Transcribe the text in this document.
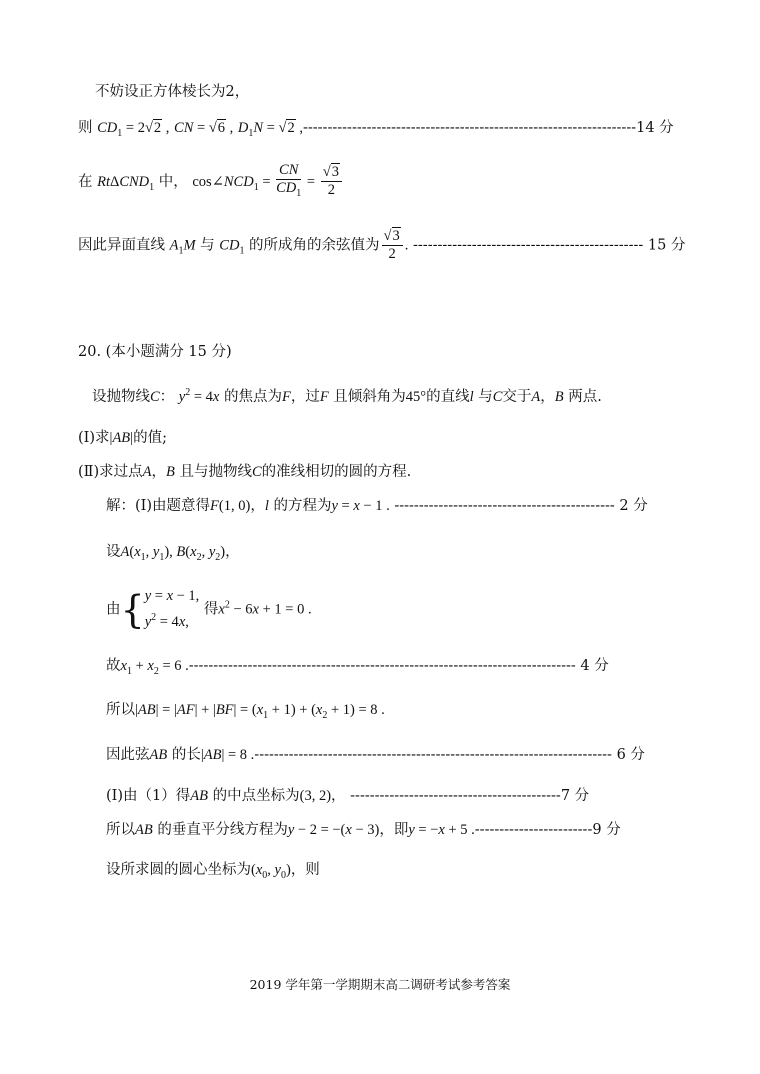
不妨设正方体棱长为2，
则 $CD_1 = 2√2$ , CN = √6 , $D_1N = √2$ ,--------------------------------------------------------------------14 分
在 RtΔCND$_1$ 中， $\cos\angle NCD_1 = \frac{CN}{CD_1} = \frac{√3}{2}$
因此异面直线 $A_1M$ 与 $CD_1$ 的所成角的余弦值为 $\frac{√3}{2}$ . ----------------------------------------------- 15 分
20. (本小题满分 15 分)
设抛物线C： $y^2 = 4x$ 的焦点为F，过F 且倾斜角为45°的直线l 与C交于A，B 两点.
(Ⅰ)求|AB|的值;
(Ⅱ)求过点A，B 且与抛物线C的准线相切的圆的方程.
解：(Ⅰ)由题意得F(1, 0)，l 的方程为y = x − 1 . --------------------------------------------- 2 分
设$A(x_1$, $y_1$), $B(x_2$, $y_2$)，
由{ y = x − 1,
$y^2 = 4x$,
得$x^2 - 6x + 1 = 0$ .
故$x_1 + x_2 = 6$ .------------------------------------------------------------------------------- 4 分
所以$|AB| = |AF| + |BF| = (x_1 + 1) + (x_2 + 1) = 8$ .
因此弦AB 的长|AB| = 8 .------------------------------------------------------------------------- 6 分
(Ⅰ)由（1）得AB 的中点坐标为(3, 2)， -------------------------------------------7 分
所以AB 的垂直平分线方程为y − 2 = −(x − 3)，即y = −x + 5 .------------------------9 分
设所求圆的圆心坐标为($x_0$, $y_0$)，则
2019 学年第一学期期末高二调研考试参考答案
